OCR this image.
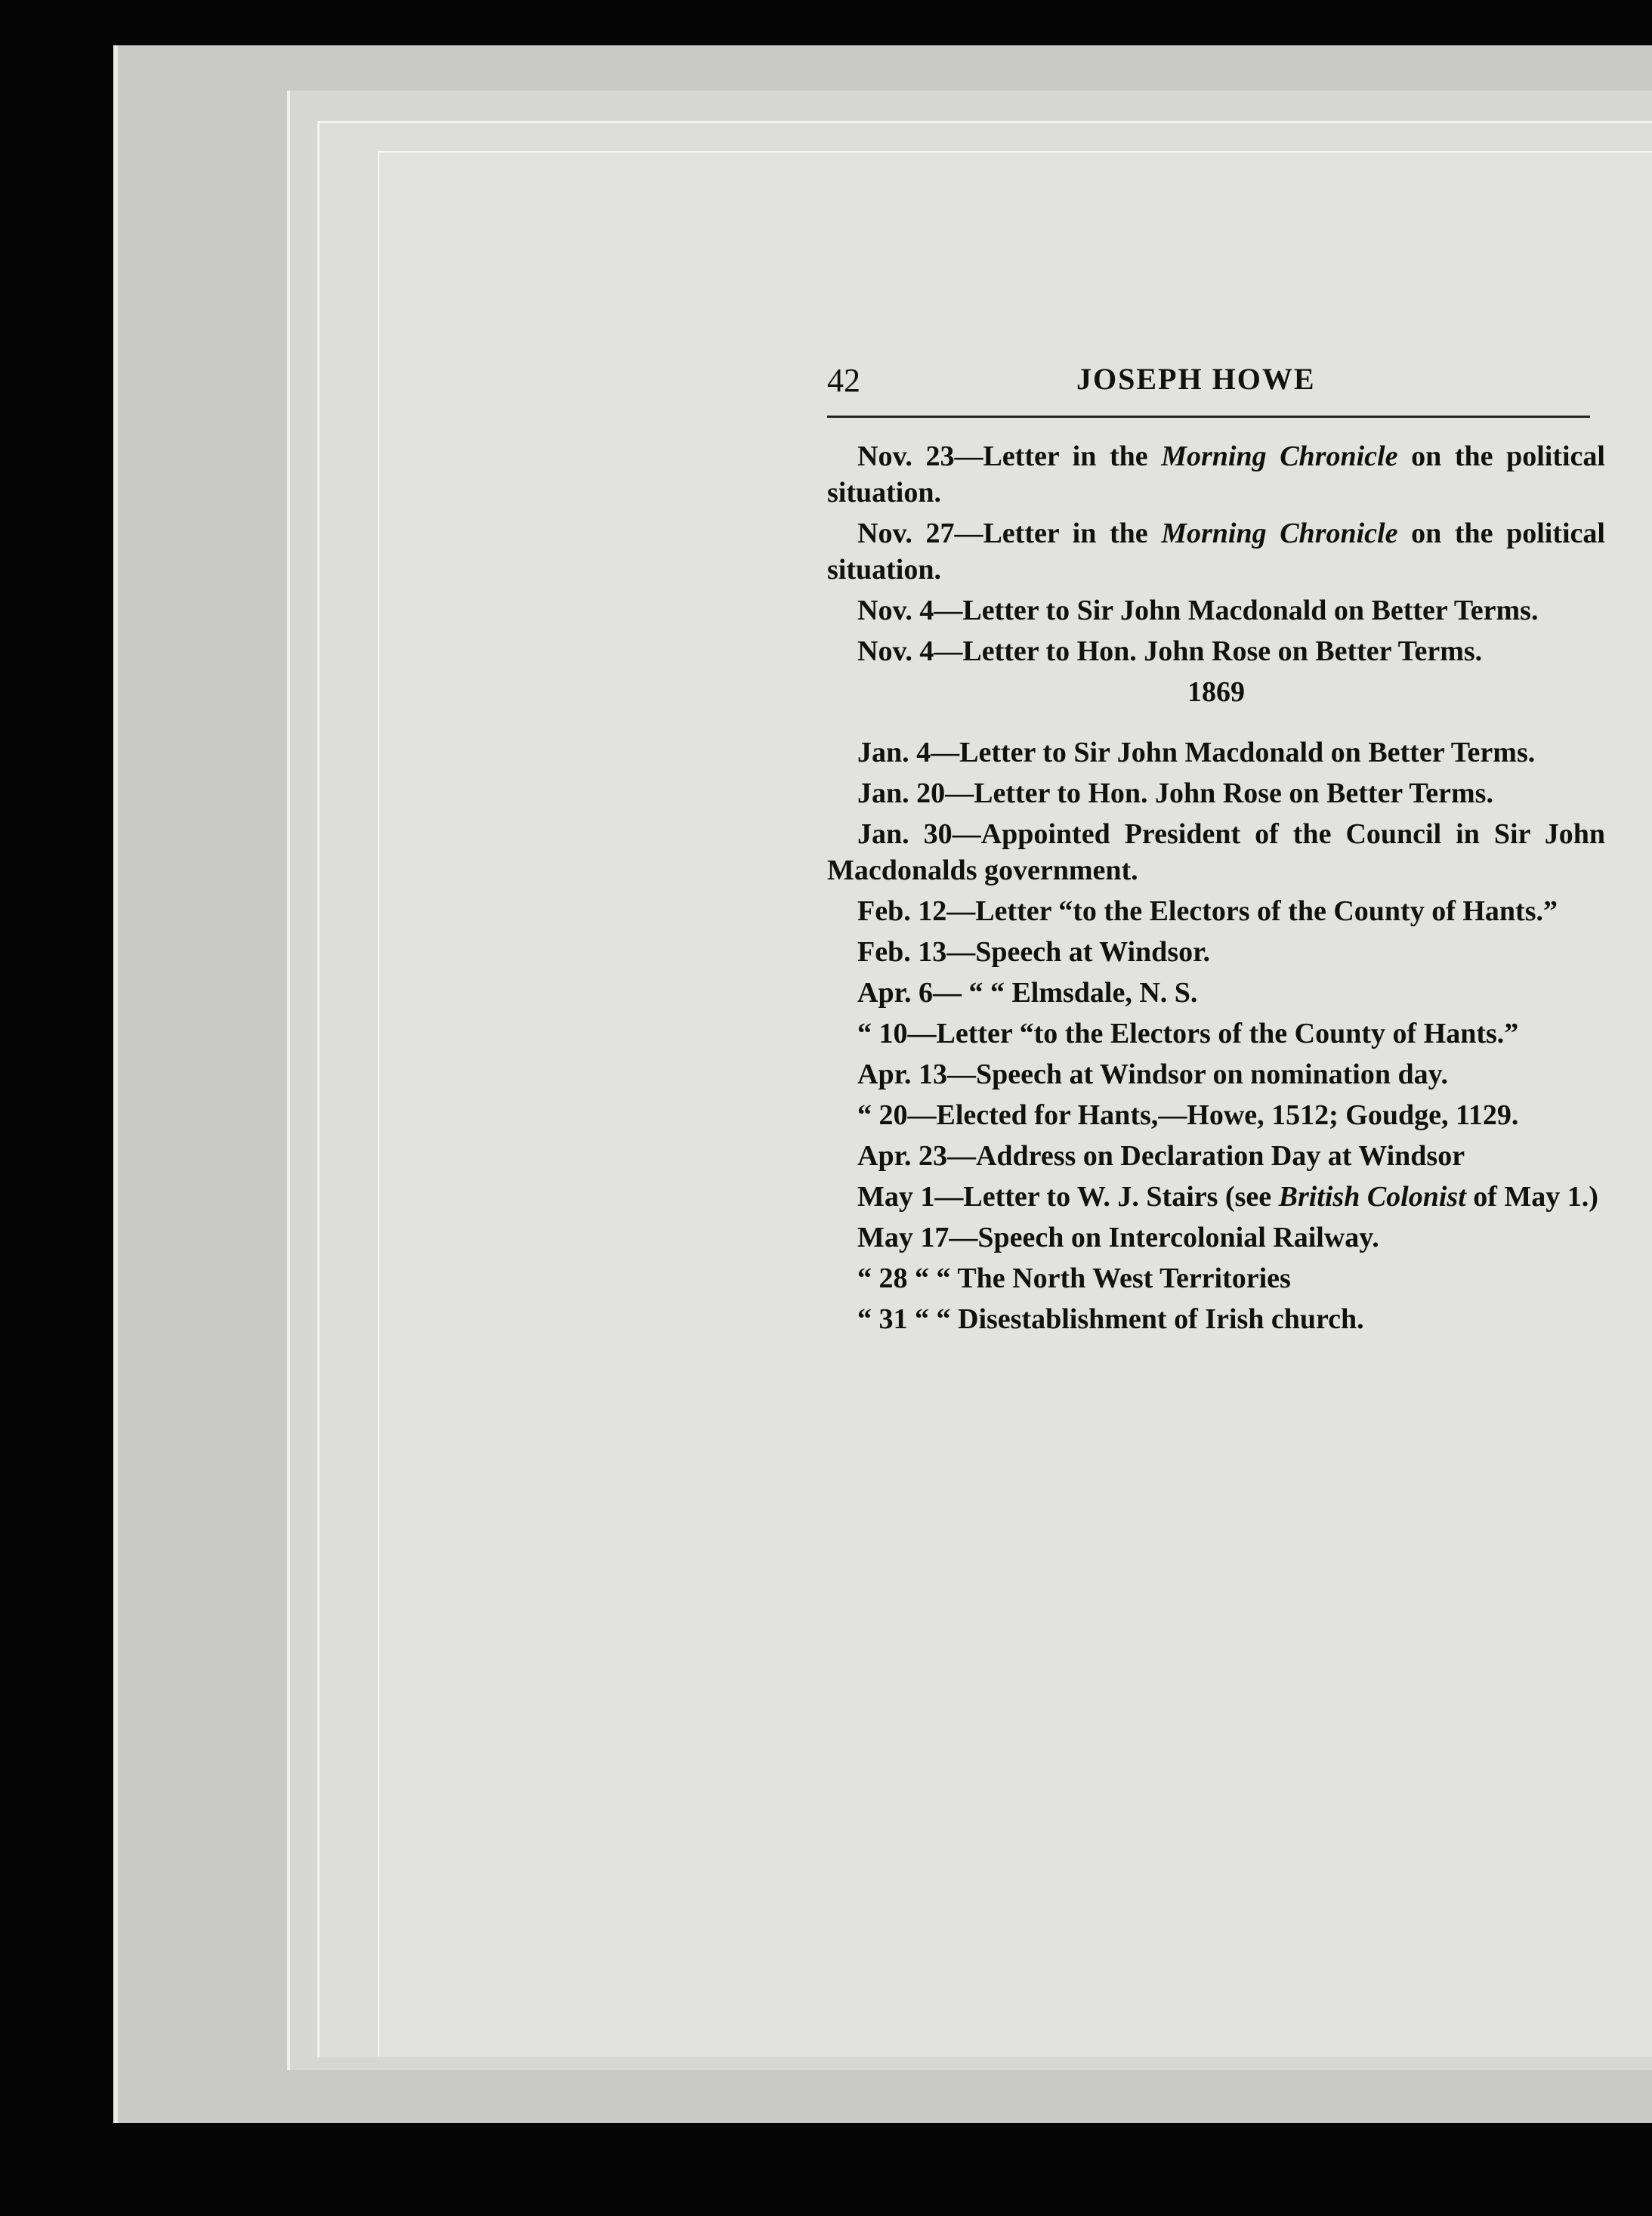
42	JOSEPH HOWE
Nov. 23—Letter in the Morning Chronicle on the political situation.
Nov. 27—Letter in the Morning Chronicle on the political situation.
Nov. 4—Letter to Sir John Macdonald on Better Terms.
Nov. 4—Letter to Hon. John Rose on Better Terms.
1869
Jan. 4—Letter to Sir John Macdonald on Better Terms.
Jan. 20—Letter to Hon. John Rose on Better Terms.
Jan. 30—Appointed President of the Council in Sir John Macdonalds government.
Feb. 12—Letter “to the Electors of the County of Hants.”
Feb. 13—Speech at Windsor.
Apr. 6— “ “ Elmsdale, N. S.
“ 10—Letter “to the Electors of the County of Hants.”
Apr. 13—Speech at Windsor on nomination day.
“ 20—Elected for Hants,—Howe, 1512; Goudge, 1129.
Apr. 23—Address on Declaration Day at Windsor
May 1—Letter to W. J. Stairs (see British Colonist of May 1.)
May 17—Speech on Intercolonial Railway.
“ 28 “ “ The North West Territories
“ 31 “ “ Disestablishment of Irish church.
